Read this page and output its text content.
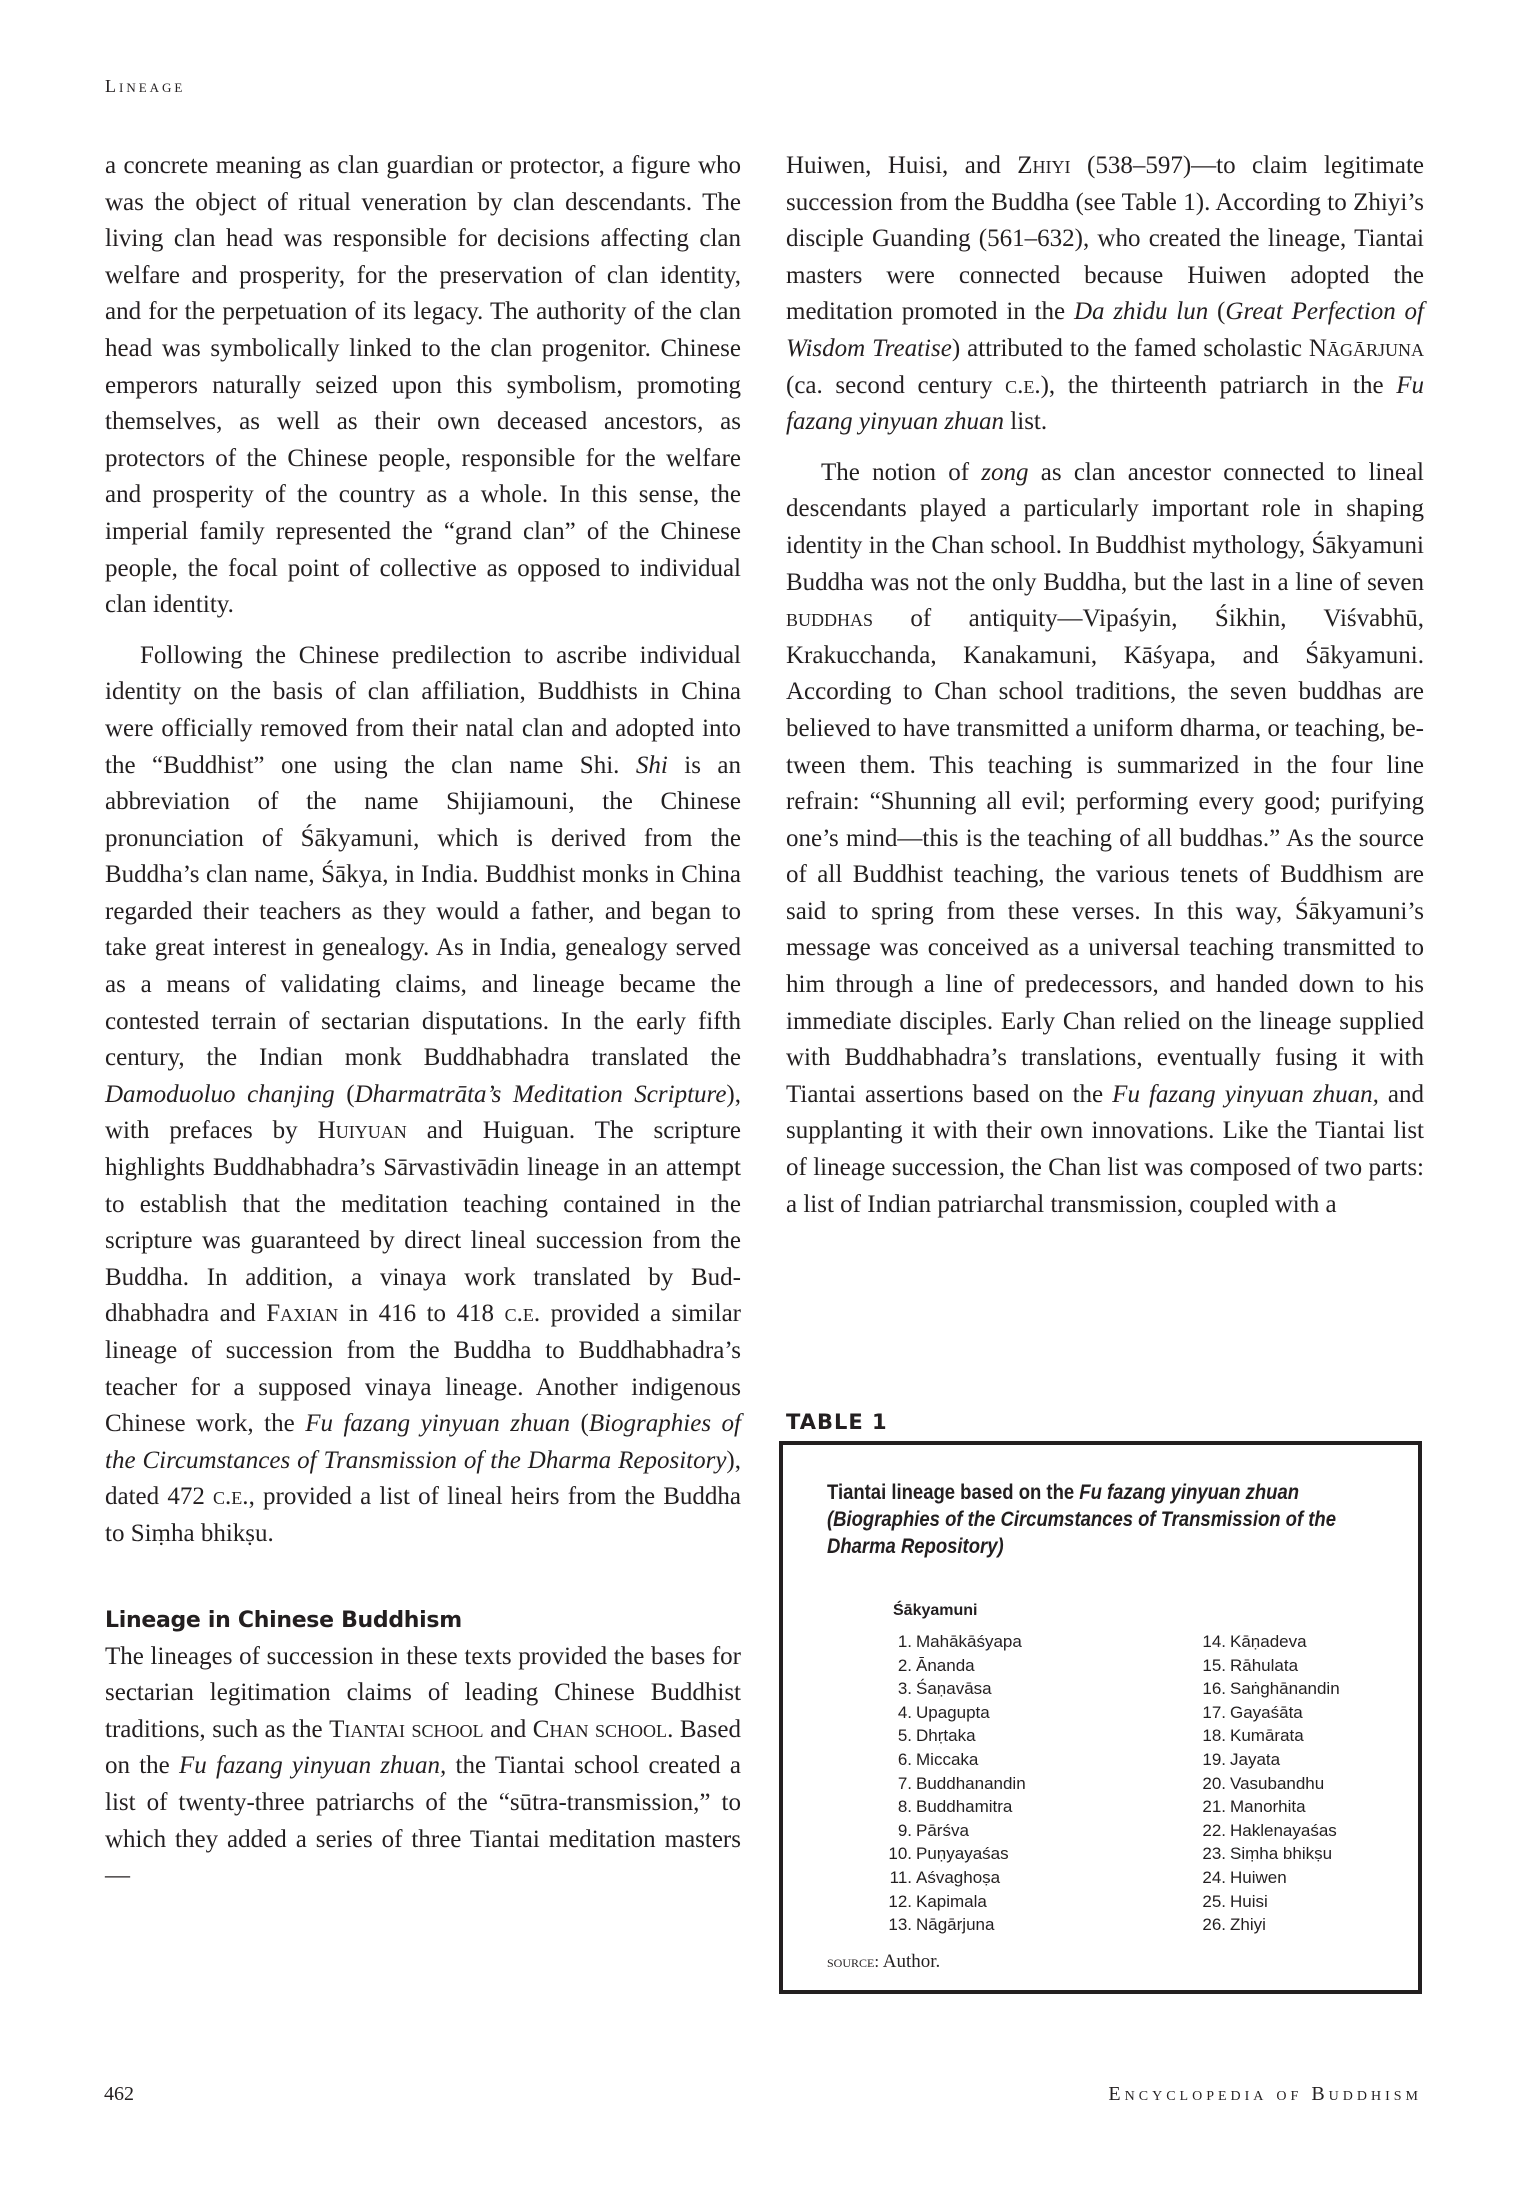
Lineage

a concrete meaning as clan guardian or protector, a figure who was the object of ritual veneration by clan descendants. The living clan head was responsible for decisions affecting clan welfare and prosperity, for the preservation of clan identity, and for the perpetuation of its legacy. The authority of the clan head was symbolically linked to the clan progenitor. Chinese emperors naturally seized upon this symbolism, promoting themselves, as well as their own deceased ancestors, as protectors of the Chinese people, responsible for the welfare and prosperity of the country as a whole. In this sense, the imperial family represented the “grand clan” of the Chinese people, the focal point of collective as opposed to individual clan identity.

Following the Chinese predilection to ascribe individual identity on the basis of clan affiliation, Buddhists in China were officially removed from their natal clan and adopted into the “Buddhist” one using the clan name Shi. Shi is an abbreviation of the name Shijiamouni, the Chinese pronunciation of Śākyamuni, which is derived from the Buddha’s clan name, Śākya, in India. Buddhist monks in China regarded their teachers as they would a father, and began to take great interest in genealogy. As in India, genealogy served as a means of validating claims, and lineage became the contested terrain of sectarian disputations. In the early fifth century, the Indian monk Buddhabhadra translated the Damoduoluo chanjing (Dharmatrāta’s Meditation Scripture), with prefaces by Huiyuan and Huiguan. The scripture highlights Buddhabhadra’s Sārvastivādin lineage in an attempt to establish that the meditation teaching contained in the scripture was guaranteed by direct lineal succession from the Buddha. In addition, a vinaya work translated by Buddhabhadra and Faxian in 416 to 418 c.e. provided a similar lineage of succession from the Buddha to Buddhabhadra’s teacher for a supposed vinaya lineage. Another indigenous Chinese work, the Fu fazang yinyuan zhuan (Biographies of the Circumstances of Transmission of the Dharma Repository), dated 472 c.e., provided a list of lineal heirs from the Buddha to Siṃha bhikṣu.

Lineage in Chinese Buddhism

The lineages of succession in these texts provided the bases for sectarian legitimation claims of leading Chinese Buddhist traditions, such as the Tiantai school and Chan school. Based on the Fu fazang yinyuan zhuan, the Tiantai school created a list of twenty-three patriarchs of the “sūtra-transmission,” to which they added a series of three Tiantai meditation masters—

Huiwen, Huisi, and Zhiyi (538–597)—to claim legitimate succession from the Buddha (see Table 1). According to Zhiyi’s disciple Guanding (561–632), who created the lineage, Tiantai masters were connected because Huiwen adopted the meditation promoted in the Da zhidu lun (Great Perfection of Wisdom Treatise) attributed to the famed scholastic Nāgārjuna (ca. second century c.e.), the thirteenth patriarch in the Fu fazang yinyuan zhuan list.

The notion of zong as clan ancestor connected to lineal descendants played a particularly important role in shaping identity in the Chan school. In Buddhist mythology, Śākyamuni Buddha was not the only Buddha, but the last in a line of seven buddhas of antiquity—Vipaśyin, Śikhin, Viśvabhū, Krakucchanda, Kanakamuni, Kāśyapa, and Śākyamuni. According to Chan school traditions, the seven buddhas are believed to have transmitted a uniform dharma, or teaching, between them. This teaching is summarized in the four line refrain: “Shunning all evil; performing every good; purifying one’s mind—this is the teaching of all buddhas.” As the source of all Buddhist teaching, the various tenets of Buddhism are said to spring from these verses. In this way, Śākyamuni’s message was conceived as a universal teaching transmitted to him through a line of predecessors, and handed down to his immediate disciples. Early Chan relied on the lineage supplied with Buddhabhadra’s translations, eventually fusing it with Tiantai assertions based on the Fu fazang yinyuan zhuan, and supplanting it with their own innovations. Like the Tiantai list of lineage succession, the Chan list was composed of two parts: a list of Indian patriarchal transmission, coupled with a

TABLE 1
Tiantai lineage based on the Fu fazang yinyuan zhuan (Biographies of the Circumstances of Transmission of the Dharma Repository)
Śākyamuni
1. Mahākāśyapa
2. Ānanda
3. Śaṇavāsa
4. Upagupta
5. Dhṛtaka
6. Miccaka
7. Buddhanandin
8. Buddhamitra
9. Pārśva
10. Puṇyayaśas
11. Aśvaghoṣa
12. Kapimala
13. Nāgārjuna
14. Kāṇadeva
15. Rāhulata
16. Saṅghānandin
17. Gayaśāta
18. Kumārata
19. Jayata
20. Vasubandhu
21. Manorhita
22. Haklenayaśas
23. Siṃha bhikṣu
24. Huiwen
25. Huisi
26. Zhiyi
source: Author.
462	Encyclopedia of Buddhism
